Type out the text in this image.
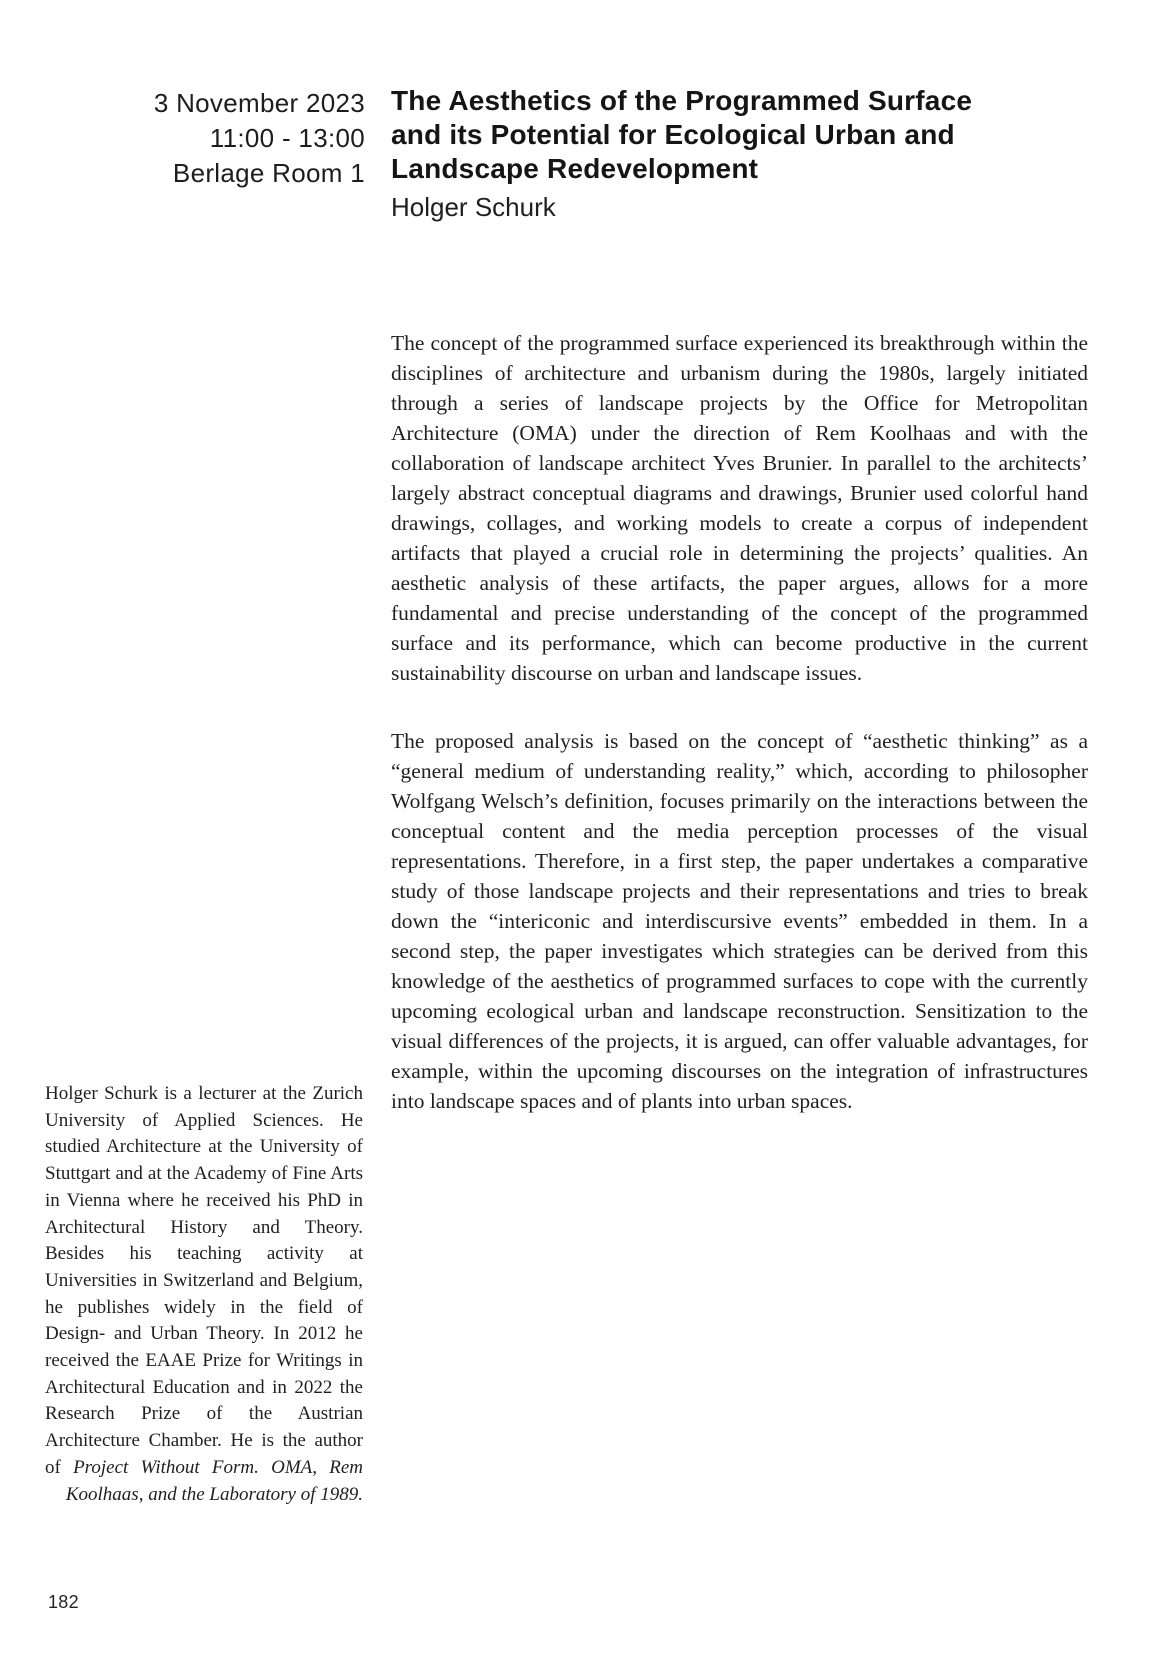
3 November 2023
11:00 - 13:00
Berlage Room 1
The Aesthetics of the Programmed Surface
and its Potential for Ecological Urban and
Landscape Redevelopment
Holger Schurk

The concept of the programmed surface experienced its breakthrough within the disciplines of architecture and urbanism during the 1980s, largely initiated through a series of landscape projects by the Office for Metropolitan Architecture (OMA) under the direction of Rem Koolhaas and with the collaboration of landscape architect Yves Brunier. In parallel to the architects’ largely abstract conceptual diagrams and drawings, Brunier used colorful hand drawings, collages, and working models to create a corpus of independent artifacts that played a crucial role in determining the projects’ qualities. An aesthetic analysis of these artifacts, the paper argues, allows for a more fundamental and precise understanding of the concept of the programmed surface and its performance, which can become productive in the current sustainability discourse on urban and landscape issues.

The proposed analysis is based on the concept of “aesthetic thinking” as a “general medium of understanding reality,” which, according to philosopher Wolfgang Welsch’s definition, focuses primarily on the interactions between the conceptual content and the media perception processes of the visual representations. Therefore, in a first step, the paper undertakes a comparative study of those landscape projects and their representations and tries to break down the “intericonic and interdiscursive events” embedded in them. In a second step, the paper investigates which strategies can be derived from this knowledge of the aesthetics of programmed surfaces to cope with the currently upcoming ecological urban and landscape reconstruction. Sensitization to the visual differences of the projects, it is argued, can offer valuable advantages, for example, within the upcoming discourses on the integration of infrastructures into landscape spaces and of plants into urban spaces.

Holger Schurk is a lecturer at the Zurich University of Applied Sciences. He studied Architecture at the University of Stuttgart and at the Academy of Fine Arts in Vienna where he received his PhD in Architectural History and Theory. Besides his teaching activity at Universities in Switzerland and Belgium, he publishes widely in the field of Design- and Urban Theory. In 2012 he received the EAAE Prize for Writings in Architectural Education and in 2022 the Research Prize of the Austrian Architecture Chamber. He is the author of Project Without Form. OMA, Rem Koolhaas, and the Laboratory of 1989.

182
